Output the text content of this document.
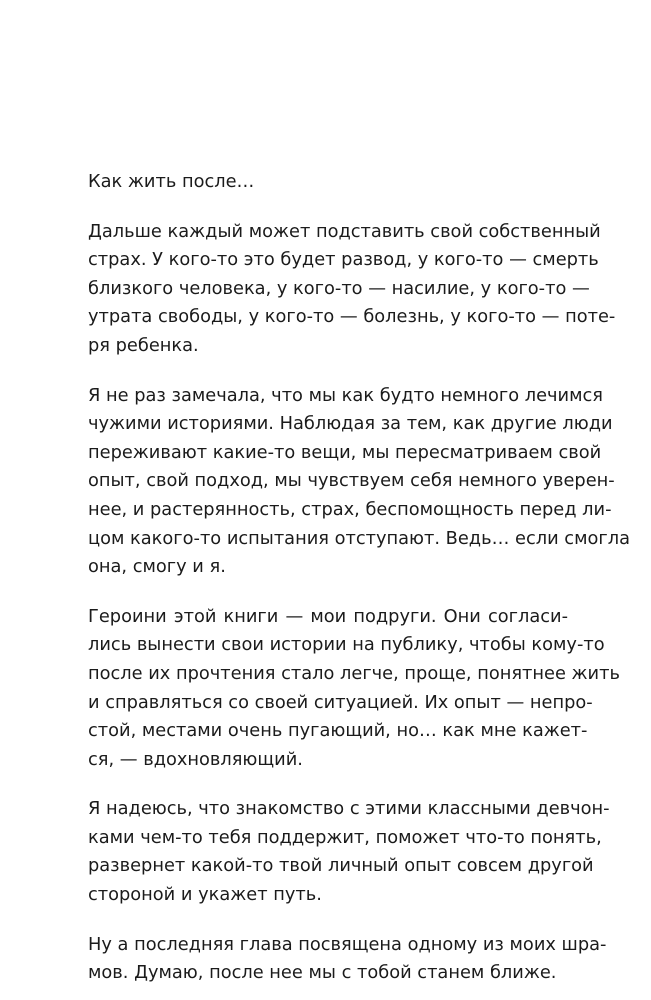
Как жить после…
Дальше каждый может подставить свой собственный
страх. У кого-то это будет развод, у кого-то — смерть
близкого человека, у кого-то — насилие, у кого-то —
утрата свободы, у кого-то — болезнь, у кого-то — поте-
ря ребенка.
Я не раз замечала, что мы как будто немного лечимся
чужими историями. Наблюдая за тем, как другие люди
переживают какие-то вещи, мы пересматриваем свой
опыт, свой подход, мы чувствуем себя немного уверен-
нее, и растерянность, страх, беспомощность перед ли-
цом какого-то испытания отступают. Ведь… если смогла
она, смогу и я.
Героини этой книги — мои подруги. Они согласи-
лись вынести свои истории на публику, чтобы кому-то
после их прочтения стало легче, проще, понятнее жить
и справляться со своей ситуацией. Их опыт — непро-
стой, местами очень пугающий, но… как мне кажет-
ся, — вдохновляющий.
Я надеюсь, что знакомство с этими классными девчон-
ками чем-то тебя поддержит, поможет что-то понять,
развернет какой-то твой личный опыт совсем другой
стороной и укажет путь.
Ну а последняя глава посвящена одному из моих шра-
мов. Думаю, после нее мы с тобой станем ближе.
